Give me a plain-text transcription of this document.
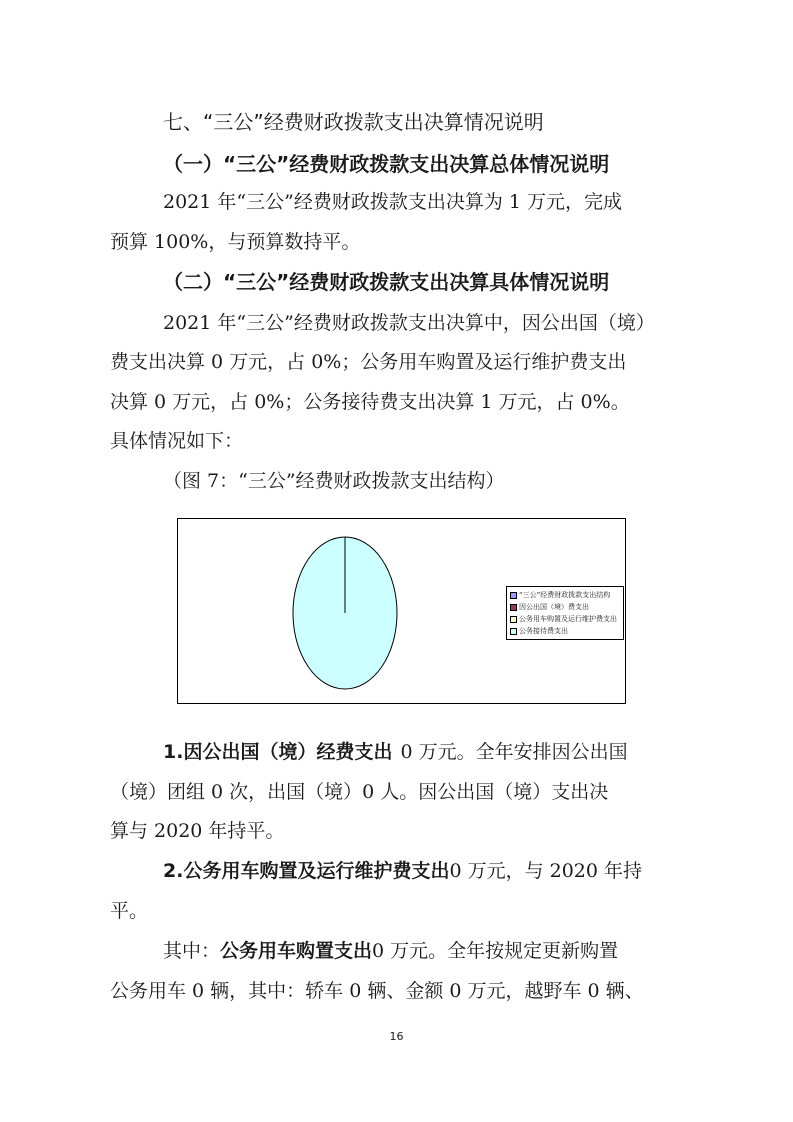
七、“三公”经费财政拨款支出决算情况说明
（一）“三公”经费财政拨款支出决算总体情况说明
2021 年“三公”经费财政拨款支出决算为 1 万元，完成
预算 100%，与预算数持平。
（二）“三公”经费财政拨款支出决算具体情况说明
2021 年“三公”经费财政拨款支出决算中，因公出国（境）
费支出决算 0 万元，占 0%；公务用车购置及运行维护费支出
决算 0 万元，占 0%；公务接待费支出决算 1 万元，占 0%。
具体情况如下：
（图 7：“三公”经费财政拨款支出结构）
“三公”经费财政拨款支出结构
因公出国（境）费支出
公务用车购置及运行维护费支出
公务接待费支出
1.因公出国（境）经费支出 0 万元。全年安排因公出国
（境）团组 0 次，出国（境）0 人。因公出国（境）支出决
算与 2020 年持平。
2.公务用车购置及运行维护费支出0 万元，与 2020 年持
平。
其中：公务用车购置支出0 万元。全年按规定更新购置
公务用车 0 辆，其中：轿车 0 辆、金额 0 万元，越野车 0 辆、
16
